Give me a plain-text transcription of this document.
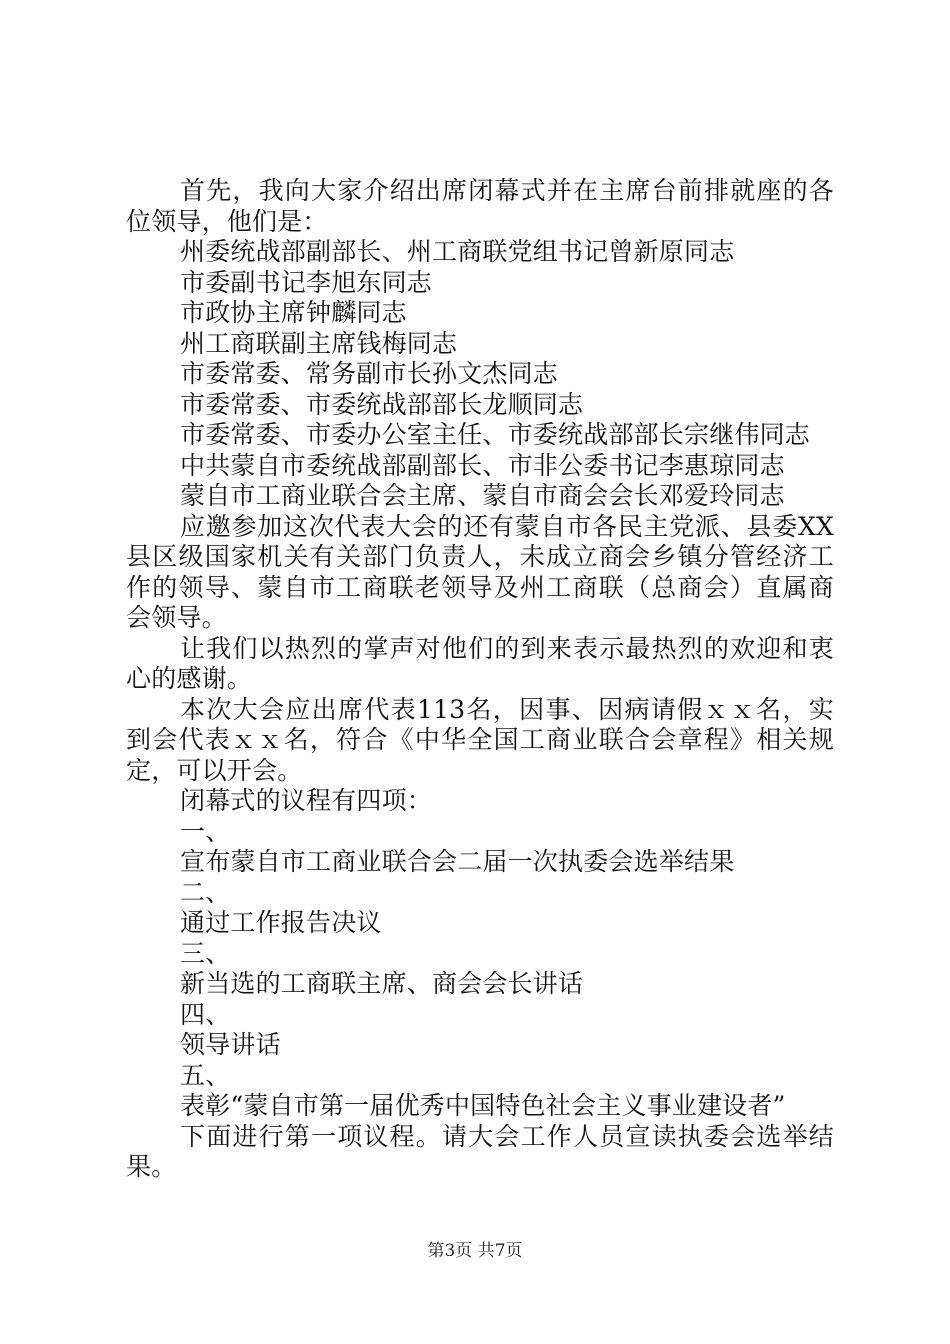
首先，我向大家介绍出席闭幕式并在主席台前排就座的各
位领导，他们是：
州委统战部副部长、州工商联党组书记曾新原同志
市委副书记李旭东同志
市政协主席钟麟同志
州工商联副主席钱梅同志
市委常委、常务副市长孙文杰同志
市委常委、市委统战部部长龙顺同志
市委常委、市委办公室主任、市委统战部部长宗继伟同志
中共蒙自市委统战部副部长、市非公委书记李惠琼同志
蒙自市工商业联合会主席、蒙自市商会会长邓爱玲同志
应邀参加这次代表大会的还有蒙自市各民主党派、县委XX
县区级国家机关有关部门负责人，未成立商会乡镇分管经济工
作的领导、蒙自市工商联老领导及州工商联（总商会）直属商
会领导。
让我们以热烈的掌声对他们的到来表示最热烈的欢迎和衷
心的感谢。
本次大会应出席代表113名，因事、因病请假ｘｘ名，实
到会代表ｘｘ名，符合《中华全国工商业联合会章程》相关规
定，可以开会。
闭幕式的议程有四项：
一、
宣布蒙自市工商业联合会二届一次执委会选举结果
二、
通过工作报告决议
三、
新当选的工商联主席、商会会长讲话
四、
领导讲话
五、
表彰“蒙自市第一届优秀中国特色社会主义事业建设者”
下面进行第一项议程。请大会工作人员宣读执委会选举结
果。
第3页 共7页
